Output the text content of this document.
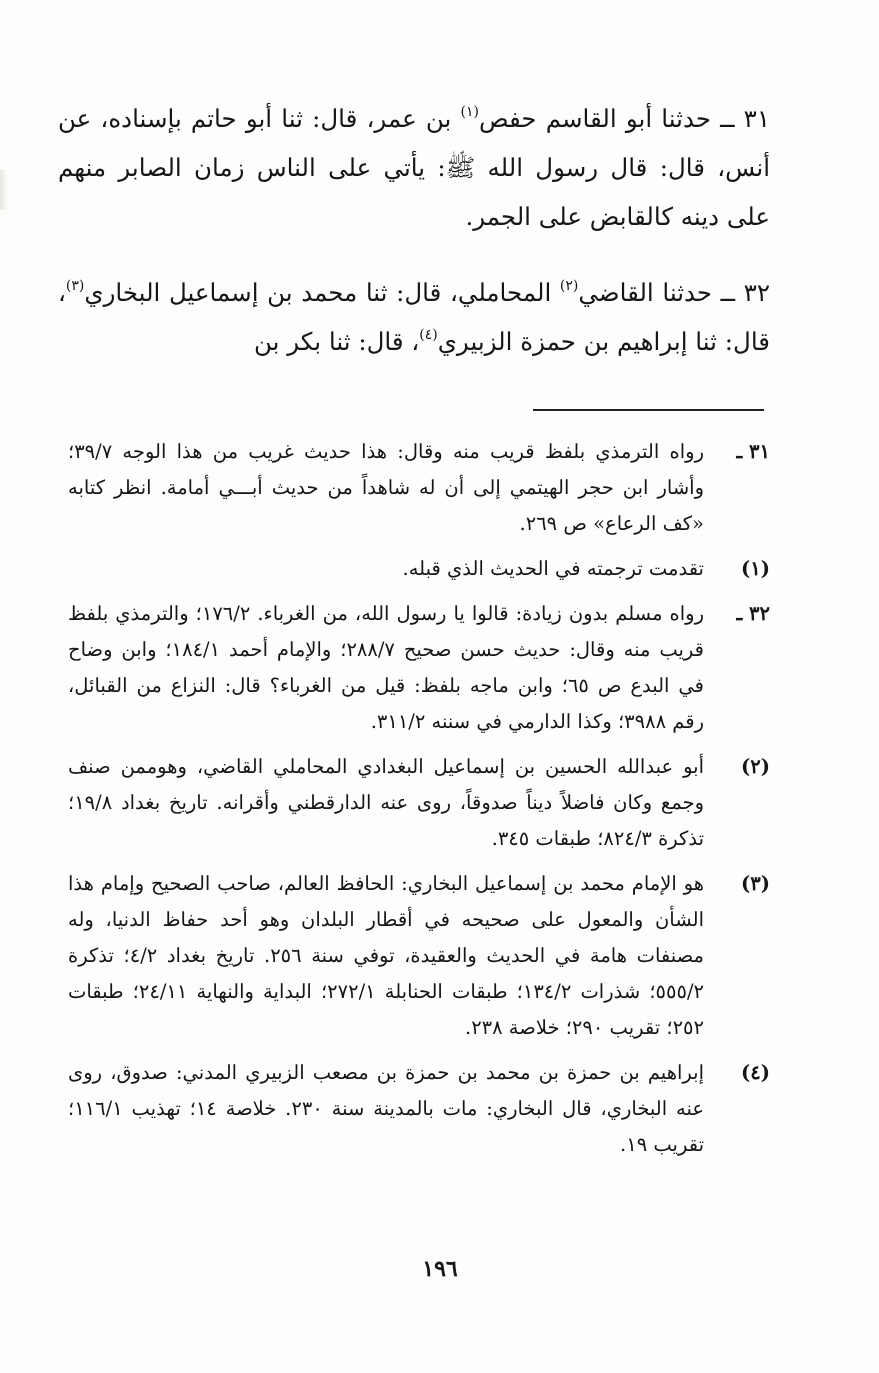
٣١ ــ حدثنا أبو القاسم حفص$^{(١)}$ بن عمر، قال: ثنا أبو حاتم بإسناده، عن أنس، قال: قال رسول الله ﷺ: يأتي على الناس زمان الصابر منهم على دينه كالقابض على الجمر.

٣٢ ــ حدثنا القاضي$^{(٢)}$ المحاملي، قال: ثنا محمد بن إسماعيل البخاري$^{(٣)}$، قال: ثنا إبراهيم بن حمزة الزبيري$^{(٤)}$، قال: ثنا بكر بن

٣١ ـ
رواه الترمذي بلفظ قريب منه وقال: هذا حديث غريب من هذا الوجه ٣٩/٧؛ وأشار ابن حجر الهيتمي إلى أن له شاهداً من حديث أبـــي أمامة. انظر كتابه «كف الرعاع» ص ٢٦٩.

(١)
تقدمت ترجمته في الحديث الذي قبله.

٣٢ ـ
رواه مسلم بدون زيادة: قالوا يا رسول الله، من الغرباء. ١٧٦/٢؛ والترمذي بلفظ قريب منه وقال: حديث حسن صحيح ٢٨٨/٧؛ والإمام أحمد ١٨٤/١؛ وابن وضاح في البدع ص ٦٥؛ وابن ماجه بلفظ: قيل من الغرباء؟ قال: النزاع من القبائل، رقم ٣٩٨٨؛ وكذا الدارمي في سننه ٣١١/٢.

(٢)
أبو عبدالله الحسين بن إسماعيل البغدادي المحاملي القاضي، وهوممن صنف وجمع وكان فاضلاً ديناً صدوقاً، روى عنه الدارقطني وأقرانه. تاريخ بغداد ١٩/٨؛ تذكرة ٨٢٤/٣؛ طبقات ٣٤٥.

(٣)
هو الإمام محمد بن إسماعيل البخاري: الحافظ العالم، صاحب الصحيح وإمام هذا الشأن والمعول على صحيحه في أقطار البلدان وهو أحد حفاظ الدنيا، وله مصنفات هامة في الحديث والعقيدة، توفي سنة ٢٥٦. تاريخ بغداد ٤/٢؛ تذكرة ٥٥٥/٢؛ شذرات ١٣٤/٢؛ طبقات الحنابلة ٢٧٢/١؛ البداية والنهاية ٢٤/١١؛ طبقات ٢٥٢؛ تقريب ٢٩٠؛ خلاصة ٢٣٨.

(٤)
إبراهيم بن حمزة بن محمد بن حمزة بن مصعب الزبيري المدني: صدوق، روى عنه البخاري، قال البخاري: مات بالمدينة سنة ٢٣٠. خلاصة ١٤؛ تهذيب ١١٦/١؛ تقريب ١٩.

١٩٦
